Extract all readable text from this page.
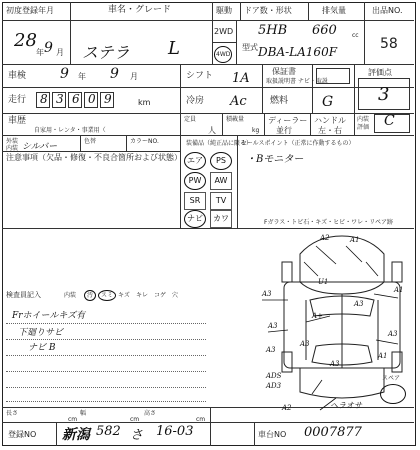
初度登録年月
28
年 9 月
車名・グレード
ステラ L
駆動
2WD
4WD
ドア数・形状
5HB
排気量
660	cc
型式 DBA-LA160F
出品NO.
58
車検 9 年 9 月	シフト 1A	保証書
取扱説明書 ナビ・取説
評価点
3
走行 8 3 6 0 9	km	冷房 Ac	燃料 G
車歴
自家用・レンタ・事業用（
定員
人
積載量
kg
ディーラー
並行
ハンドル
左・右
内装
評価 C
外装
シルバー
色替	カラーNO.
内装
装備品（純正品に限る）
エア	PS
PW	AW
SR	TV
ナビ	カワ
セールスポイント（正常に作動するもの）
・Bモニター
注意事項（欠品・修復・不良合箇所および状態）
検査員記入	内装	汚	スミ キズ キレ コゲ 穴
Frホイールキズ有
下廻りサビ
ナビ B
Fガラス・トビ石・キズ・ヒビ・ワレ・リペア跡
A2	A1
U1
A3	A1
A3
A+
A3
A1
A3
A3
A3
A3
ADS
AD3
A2	ヘラオサ
スペア
長さ
cm
幅
cm
高さ
cm
登録NO 新潟 582 さ 16-03	車台NO 0007877
